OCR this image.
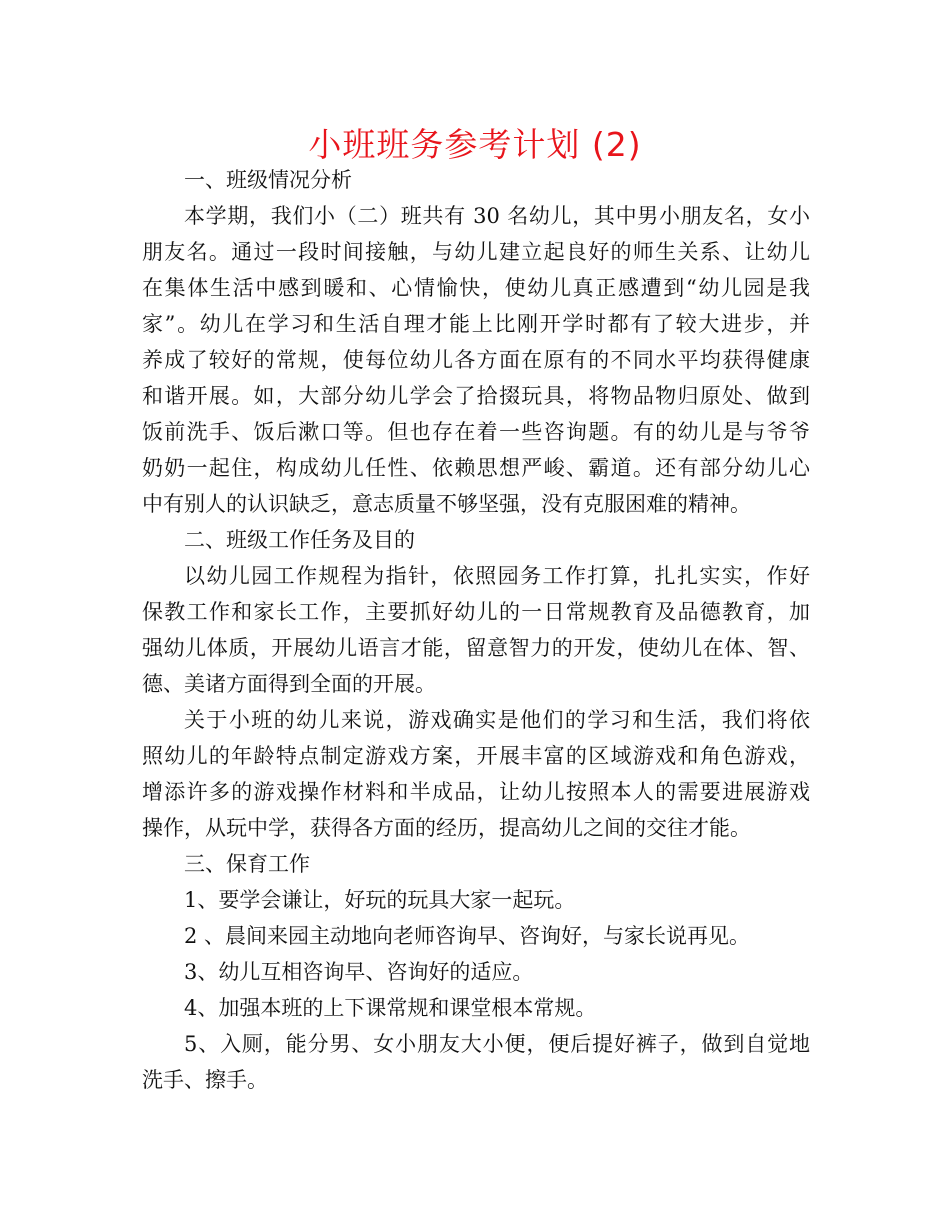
小班班务参考计划 (2)
一、班级情况分析
本学期，我们小（二）班共有 30 名幼儿，其中男小朋友名，女小
朋友名。通过一段时间接触，与幼儿建立起良好的师生关系、让幼儿
在集体生活中感到暖和、心情愉快，使幼儿真正感遭到“幼儿园是我
家”。幼儿在学习和生活自理才能上比刚开学时都有了较大进步，并
养成了较好的常规，使每位幼儿各方面在原有的不同水平均获得健康
和谐开展。如，大部分幼儿学会了拾掇玩具，将物品物归原处、做到
饭前洗手、饭后漱口等。但也存在着一些咨询题。有的幼儿是与爷爷
奶奶一起住，构成幼儿任性、依赖思想严峻、霸道。还有部分幼儿心
中有别人的认识缺乏，意志质量不够坚强，没有克服困难的精神。
二、班级工作任务及目的
以幼儿园工作规程为指针，依照园务工作打算，扎扎实实，作好
保教工作和家长工作，主要抓好幼儿的一日常规教育及品德教育，加
强幼儿体质，开展幼儿语言才能，留意智力的开发，使幼儿在体、智、
德、美诸方面得到全面的开展。
关于小班的幼儿来说，游戏确实是他们的学习和生活，我们将依
照幼儿的年龄特点制定游戏方案，开展丰富的区域游戏和角色游戏，
增添许多的游戏操作材料和半成品，让幼儿按照本人的需要进展游戏
操作，从玩中学，获得各方面的经历，提高幼儿之间的交往才能。
三、保育工作
1、要学会谦让，好玩的玩具大家一起玩。
2 、晨间来园主动地向老师咨询早、咨询好，与家长说再见。
3、幼儿互相咨询早、咨询好的适应。
4、加强本班的上下课常规和课堂根本常规。
5、入厕，能分男、女小朋友大小便，便后提好裤子，做到自觉地
洗手、擦手。
